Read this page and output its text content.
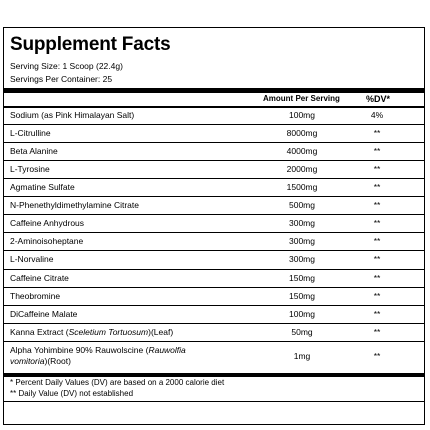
Supplement Facts
Serving Size: 1 Scoop (22.4g)
Servings Per Container: 25
Amount Per Serving	%DV*
Sodium (as Pink Himalayan Salt)	100mg	4%
L-Citrulline	8000mg	**
Beta Alanine	4000mg	**
L-Tyrosine	2000mg	**
Agmatine Sulfate	1500mg	**
N-Phenethyldimethylamine Citrate	500mg	**
Caffeine Anhydrous	300mg	**
2-Aminoisoheptane	300mg	**
L-Norvaline	300mg	**
Caffeine Citrate	150mg	**
Theobromine	150mg	**
DiCaffeine Malate	100mg	**
Kanna Extract (Sceletium Tortuosum)(Leaf)	50mg	**
Alpha Yohimbine 90% Rauwolscine (Rauwolfia
vomitoria)(Root)	1mg	**
* Percent Daily Values (DV) are based on a 2000 calorie diet
** Daily Value (DV) not established
